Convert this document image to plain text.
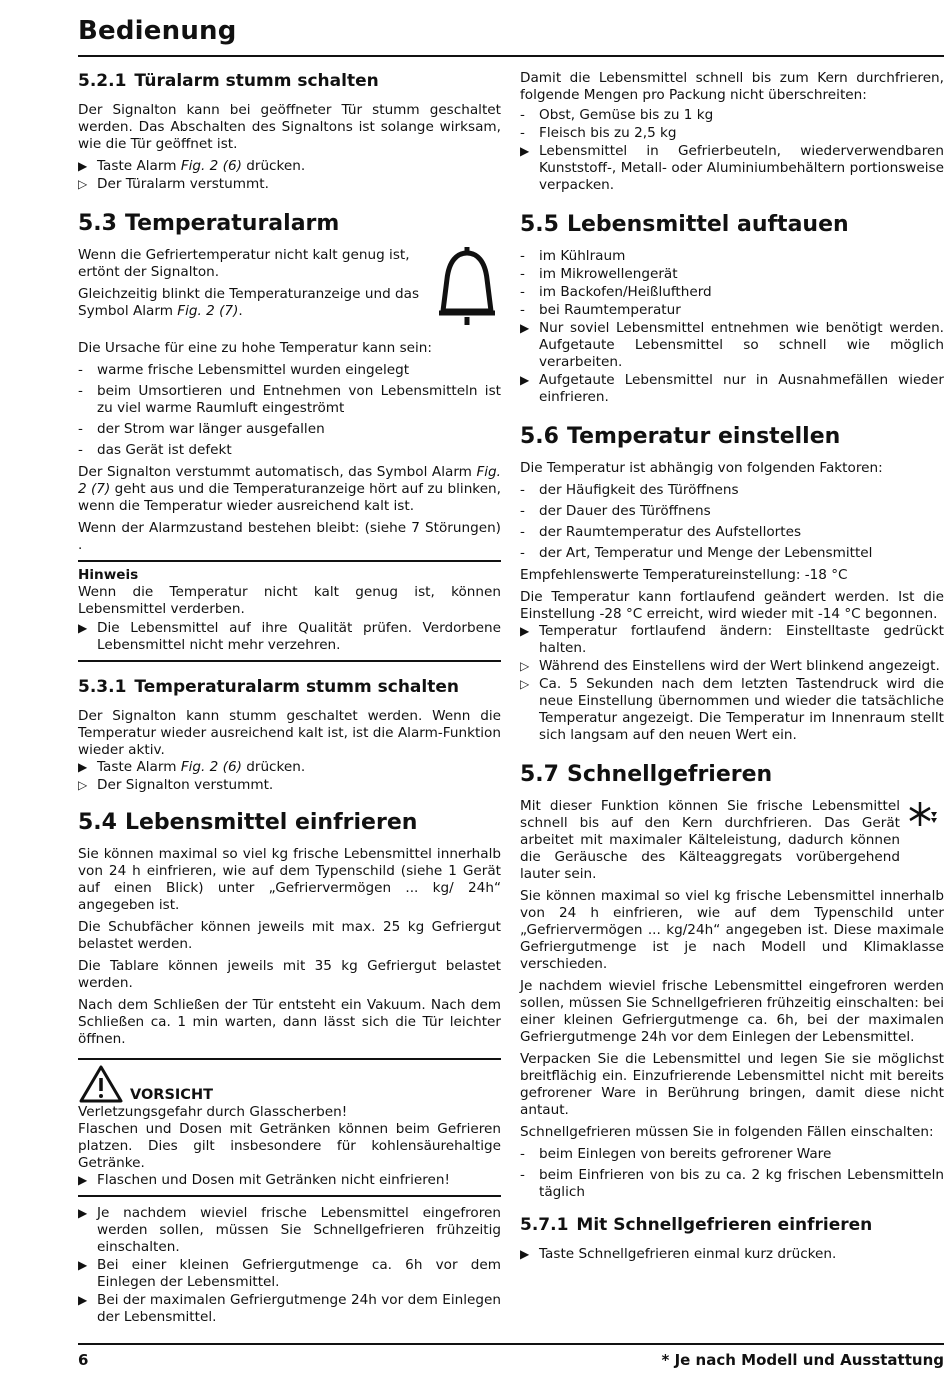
Bedienung
5.2.1 Türalarm stumm schalten

Der Signalton kann bei geöffneter Tür stumm geschaltet werden. Das Abschalten des Signaltons ist solange wirksam, wie die Tür geöffnet ist.

▶ Taste Alarm Fig. 2 (6) drücken.
▷ Der Türalarm verstummt.
5.3 Temperaturalarm

Wenn die Gefriertemperatur nicht kalt genug ist, ertönt der Signalton.

Gleichzeitig blinkt die Temperaturanzeige und das Symbol Alarm Fig. 2 (7).

Die Ursache für eine zu hohe Temperatur kann sein:

-	warme frische Lebensmittel wurden eingelegt
-	beim Umsortieren und Entnehmen von Lebensmitteln ist zu viel warme Raumluft eingeströmt
-	der Strom war länger ausgefallen
-	das Gerät ist defekt

Der Signalton verstummt automatisch, das Symbol Alarm Fig. 2 (7) geht aus und die Temperaturanzeige hört auf zu blinken, wenn die Temperatur wieder ausreichend kalt ist.

Wenn der Alarmzustand bestehen bleibt: (siehe 7 Störungen) .

Hinweis

Wenn die Temperatur nicht kalt genug ist, können Lebensmittel verderben.

▶ Die Lebensmittel auf ihre Qualität prüfen. Verdorbene Lebensmittel nicht mehr verzehren.
5.3.1 Temperaturalarm stumm schalten

Der Signalton kann stumm geschaltet werden. Wenn die Temperatur wieder ausreichend kalt ist, ist die Alarm-Funktion wieder aktiv.

▶ Taste Alarm Fig. 2 (6) drücken.
▷ Der Signalton verstummt.
5.4 Lebensmittel einfrieren

Sie können maximal so viel kg frische Lebensmittel innerhalb von 24 h einfrieren, wie auf dem Typenschild (siehe 1 Gerät auf einen Blick) unter „Gefriervermögen ... kg/ 24h“ angegeben ist.

Die Schubfächer können jeweils mit max. 25 kg Gefriergut belastet werden.

Die Tablare können jeweils mit 35 kg Gefriergut belastet werden.

Nach dem Schließen der Tür entsteht ein Vakuum. Nach dem Schließen ca. 1 min warten, dann lässt sich die Tür leichter öffnen.

VORSICHT

Verletzungsgefahr durch Glasscherben!

Flaschen und Dosen mit Getränken können beim Gefrieren platzen. Dies gilt insbesondere für kohlensäurehaltige Getränke.

▶ Flaschen und Dosen mit Getränken nicht einfrieren!
▶ Je nachdem wieviel frische Lebensmittel eingefroren werden sollen, müssen Sie Schnellgefrieren frühzeitig einschalten.
▶ Bei einer kleinen Gefriergutmenge ca. 6h vor dem Einlegen der Lebensmittel.
▶ Bei der maximalen Gefriergutmenge 24h vor dem Einlegen der Lebensmittel.

Damit die Lebensmittel schnell bis zum Kern durchfrieren, folgende Mengen pro Packung nicht überschreiten:

-	Obst, Gemüse bis zu 1 kg
-	Fleisch bis zu 2,5 kg
▶ Lebensmittel in Gefrierbeuteln, wiederverwendbaren Kunststoff-, Metall- oder Aluminiumbehältern portionsweise verpacken.
5.5 Lebensmittel auftauen
-	im Kühlraum
-	im Mikrowellengerät
-	im Backofen/Heißluftherd
-	bei Raumtemperatur
▶ Nur soviel Lebensmittel entnehmen wie benötigt werden. Aufgetaute Lebensmittel so schnell wie möglich verarbeiten.
▶ Aufgetaute Lebensmittel nur in Ausnahmefällen wieder einfrieren.
5.6 Temperatur einstellen

Die Temperatur ist abhängig von folgenden Faktoren:

-	der Häufigkeit des Türöffnens
-	der Dauer des Türöffnens
-	der Raumtemperatur des Aufstellortes
-	der Art, Temperatur und Menge der Lebensmittel

Empfehlenswerte Temperatureinstellung: -18 °C

Die Temperatur kann fortlaufend geändert werden. Ist die Einstellung -28 °C erreicht, wird wieder mit -14 °C begonnen.

▶ Temperatur fortlaufend ändern: Einstelltaste gedrückt halten.
▷ Während des Einstellens wird der Wert blinkend angezeigt.
▷ Ca. 5 Sekunden nach dem letzten Tastendruck wird die neue Einstellung übernommen und wieder die tatsächliche Temperatur angezeigt. Die Temperatur im Innenraum stellt sich langsam auf den neuen Wert ein.
5.7 Schnellgefrieren

Mit dieser Funktion können Sie frische Lebensmittel schnell bis auf den Kern durchfrieren. Das Gerät arbeitet mit maximaler Kälteleistung, dadurch können die Geräusche des Kälteaggregats vorübergehend lauter sein.

Sie können maximal so viel kg frische Lebensmittel innerhalb von 24 h einfrieren, wie auf dem Typenschild unter „Gefriervermögen ... kg/24h“ angegeben ist. Diese maximale Gefriergutmenge ist je nach Modell und Klimaklasse verschieden.

Je nachdem wieviel frische Lebensmittel eingefroren werden sollen, müssen Sie Schnellgefrieren frühzeitig einschalten: bei einer kleinen Gefriergutmenge ca. 6h, bei der maximalen Gefriergutmenge 24h vor dem Einlegen der Lebensmittel.

Verpacken Sie die Lebensmittel und legen Sie sie möglichst breitflächig ein. Einzufrierende Lebensmittel nicht mit bereits gefrorener Ware in Berührung bringen, damit diese nicht antaut.

Schnellgefrieren müssen Sie in folgenden Fällen einschalten:

-	beim Einlegen von bereits gefrorener Ware
-	beim Einfrieren von bis zu ca. 2 kg frischen Lebensmitteln täglich
5.7.1 Mit Schnellgefrieren einfrieren
▶ Taste Schnellgefrieren einmal kurz drücken.
6	* Je nach Modell und Ausstattung
